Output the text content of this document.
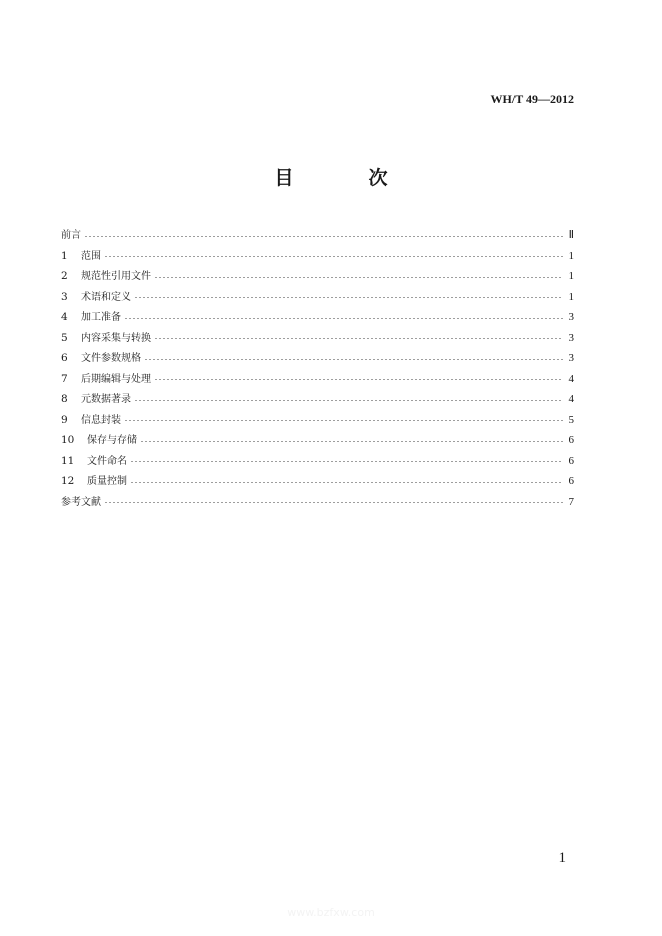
WH/T 49—2012
目　次
前言	Ⅱ
1	范围	1
2	规范性引用文件	1
3	术语和定义	1
4	加工准备	3
5	内容采集与转换	3
6	文件参数规格	3
7	后期编辑与处理	4
8	元数据著录	4
9	信息封装	5
10	保存与存储	6
11	文件命名	6
12	质量控制	6
参考文献	7
1
www.bzfxw.com
